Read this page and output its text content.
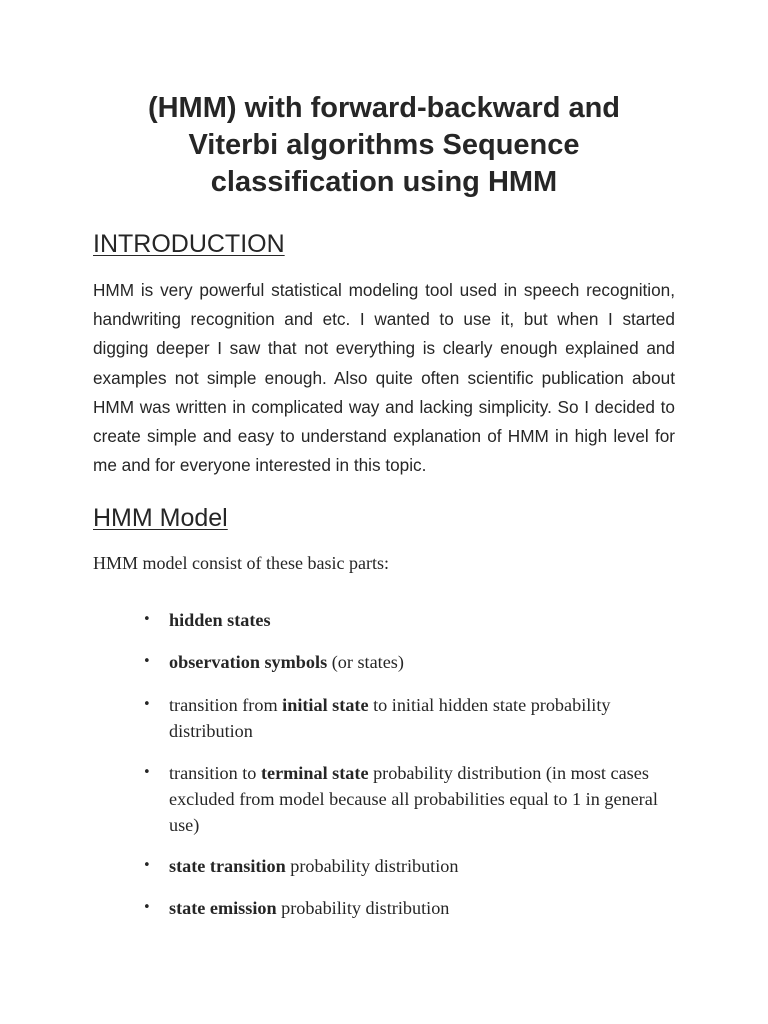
(HMM) with forward-backward and Viterbi algorithms Sequence classification using HMM
INTRODUCTION

HMM is very powerful statistical modeling tool used in speech recognition, handwriting recognition and etc. I wanted to use it, but when I started digging deeper I saw that not everything is clearly enough explained and examples not simple enough. Also quite often scientific publication about HMM was written in complicated way and lacking simplicity. So I decided to create simple and easy to understand explanation of HMM in high level for me and for everyone interested in this topic.

HMM Model

HMM model consist of these basic parts:

• hidden states
• observation symbols (or states)
• transition from initial state to initial hidden state probability distribution
• transition to terminal state probability distribution (in most cases excluded from model because all probabilities equal to 1 in general use)
• state transition probability distribution
• state emission probability distribution
